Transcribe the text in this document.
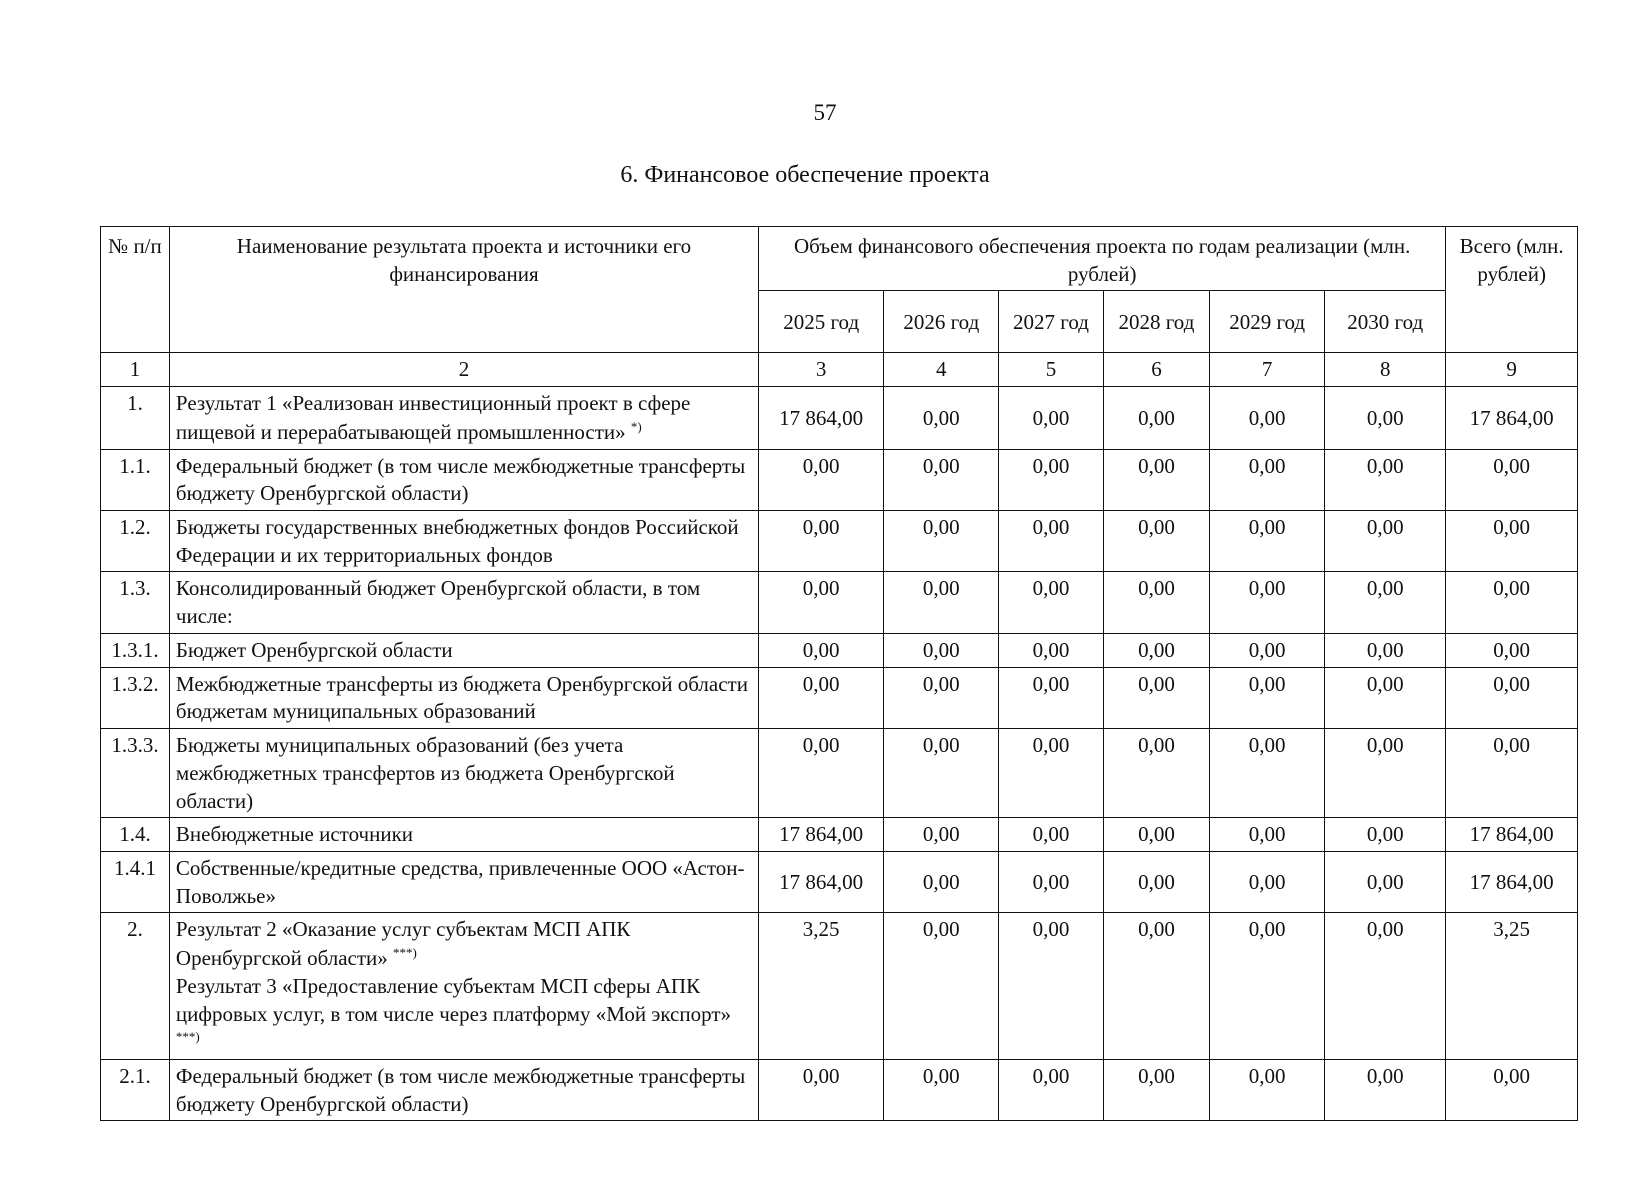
57
6. Финансовое обеспечение проекта
№ п/п	Наименование результата проекта и источники его финансирования	Объем финансового обеспечения проекта по годам реализации (млн. рублей)						Всего (млн. рублей)
		2025 год	2026 год	2027 год	2028 год	2029 год	2030 год	
1	2	3	4	5	6	7	8	9
1.	Результат 1 «Реализован инвестиционный проект в сфере пищевой и перерабатывающей промышленности» *)	17 864,00	0,00	0,00	0,00	0,00	0,00	17 864,00
1.1.	Федеральный бюджет (в том числе межбюджетные трансферты бюджету Оренбургской области)	0,00	0,00	0,00	0,00	0,00	0,00	0,00
1.2.	Бюджеты государственных внебюджетных фондов Российской Федерации и их территориальных фондов	0,00	0,00	0,00	0,00	0,00	0,00	0,00
1.3.	Консолидированный бюджет Оренбургской области, в том числе:	0,00	0,00	0,00	0,00	0,00	0,00	0,00
1.3.1.	Бюджет Оренбургской области	0,00	0,00	0,00	0,00	0,00	0,00	0,00
1.3.2.	Межбюджетные трансферты из бюджета Оренбургской области бюджетам муниципальных образований	0,00	0,00	0,00	0,00	0,00	0,00	0,00
1.3.3.	Бюджеты муниципальных образований (без учета межбюджетных трансфертов из бюджета Оренбургской области)	0,00	0,00	0,00	0,00	0,00	0,00	0,00
1.4.	Внебюджетные источники	17 864,00	0,00	0,00	0,00	0,00	0,00	17 864,00
1.4.1	Собственные/кредитные средства, привлеченные ООО «Астон-Поволжье»	17 864,00	0,00	0,00	0,00	0,00	0,00	17 864,00
2.	Результат 2 «Оказание услуг субъектам МСП АПК Оренбургской области» ***)
Результат 3 «Предоставление субъектам МСП сферы АПК цифровых услуг, в том числе через платформу «Мой экспорт» ***)	3,25	0,00	0,00	0,00	0,00	0,00	3,25
2.1.	Федеральный бюджет (в том числе межбюджетные трансферты бюджету Оренбургской области)	0,00	0,00	0,00	0,00	0,00	0,00	0,00
